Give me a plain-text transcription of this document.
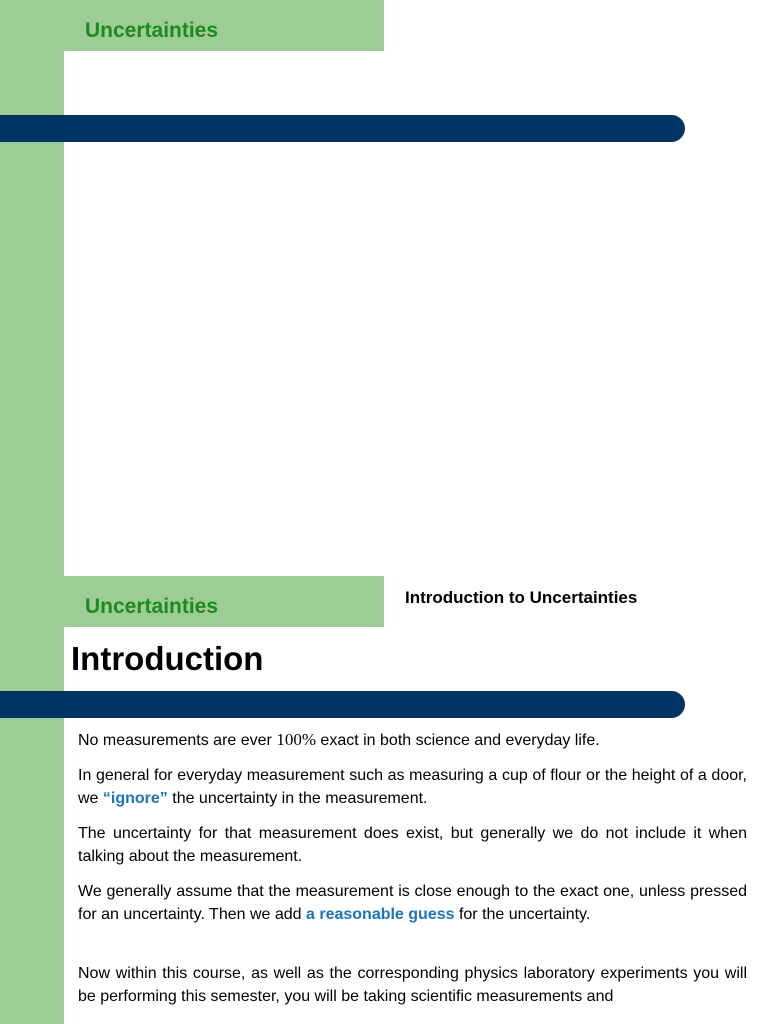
Uncertainties
Uncertainties	Introduction to Uncertainties
Introduction

No measurements are ever 100% exact in both science and everyday life.

In general for everyday measurement such as measuring a cup of flour or the height of a door, we “ignore” the uncertainty in the measurement.

The uncertainty for that measurement does exist, but generally we do not include it when talking about the measurement.

We generally assume that the measurement is close enough to the exact one, unless pressed for an uncertainty. Then we add a reasonable guess for the uncertainty.

Now within this course, as well as the corresponding physics laboratory experiments you will be performing this semester, you will be taking scientific measurements and
